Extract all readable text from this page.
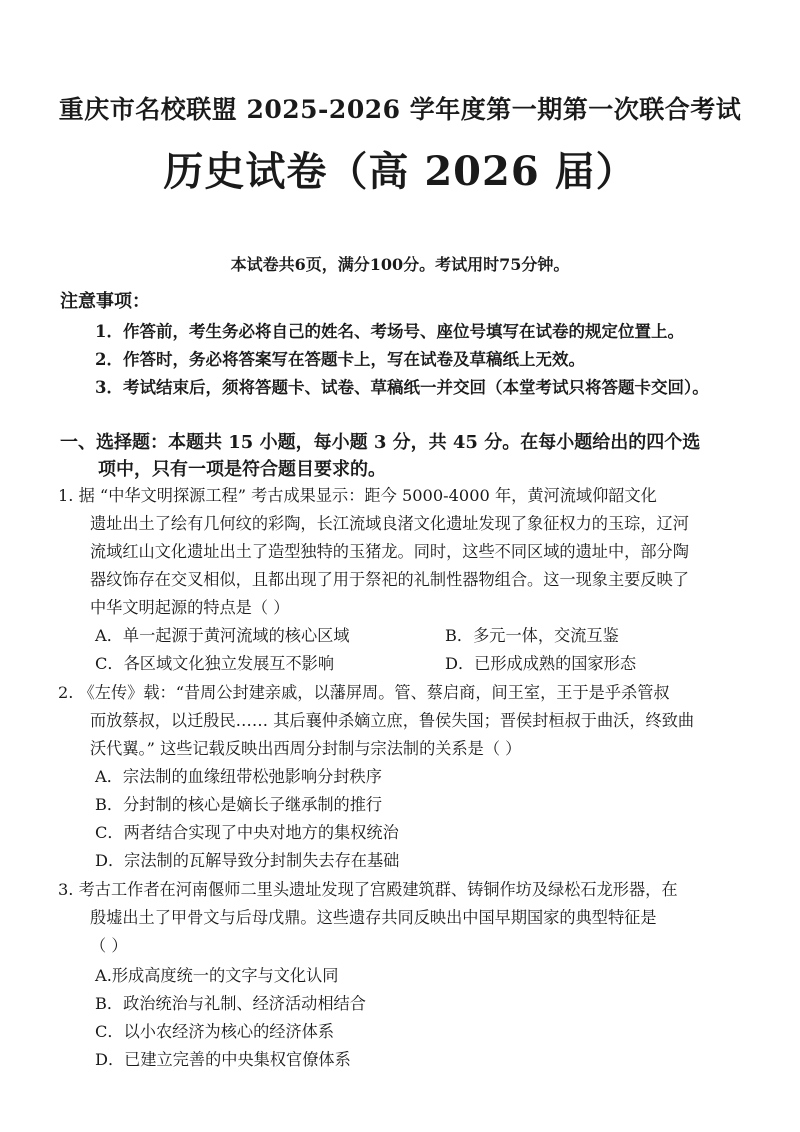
重庆市名校联盟 2025-2026 学年度第一期第一次联合考试
历史试卷（高 2026 届）
本试卷共6页，满分100分。考试用时75分钟。
注意事项：
1．作答前，考生务必将自己的姓名、考场号、座位号填写在试卷的规定位置上。
2．作答时，务必将答案写在答题卡上，写在试卷及草稿纸上无效。
3．考试结束后，须将答题卡、试卷、草稿纸一并交回（本堂考试只将答题卡交回）。
一、选择题：本题共 15 小题，每小题 3 分，共 45 分。在每小题给出的四个选
项中，只有一项是符合题目要求的。
1. 据 “中华文明探源工程” 考古成果显示：距今 5000-4000 年，黄河流域仰韶文化
遗址出土了绘有几何纹的彩陶，长江流域良渚文化遗址发现了象征权力的玉琮，辽河
流域红山文化遗址出土了造型独特的玉猪龙。同时，这些不同区域的遗址中，部分陶
器纹饰存在交叉相似，且都出现了用于祭祀的礼制性器物组合。这一现象主要反映了
中华文明起源的特点是（ ）
A．单一起源于黄河流域的核心区域	B．多元一体，交流互鉴
C．各区域文化独立发展互不影响	D．已形成成熟的国家形态
2. 《左传》载：“昔周公封建亲戚，以藩屏周。管、蔡启商，间王室，王于是乎杀管叔
而放蔡叔，以迁殷民…… 其后襄仲杀嫡立庶，鲁侯失国；晋侯封桓叔于曲沃，终致曲
沃代翼。” 这些记载反映出西周分封制与宗法制的关系是（ ）
A．宗法制的血缘纽带松弛影响分封秩序
B．分封制的核心是嫡长子继承制的推行
C．两者结合实现了中央对地方的集权统治
D．宗法制的瓦解导致分封制失去存在基础
3. 考古工作者在河南偃师二里头遗址发现了宫殿建筑群、铸铜作坊及绿松石龙形器，在
殷墟出土了甲骨文与后母戊鼎。这些遗存共同反映出中国早期国家的典型特征是
（ ）
A.形成高度统一的文字与文化认同
B．政治统治与礼制、经济活动相结合
C．以小农经济为核心的经济体系
D．已建立完善的中央集权官僚体系
